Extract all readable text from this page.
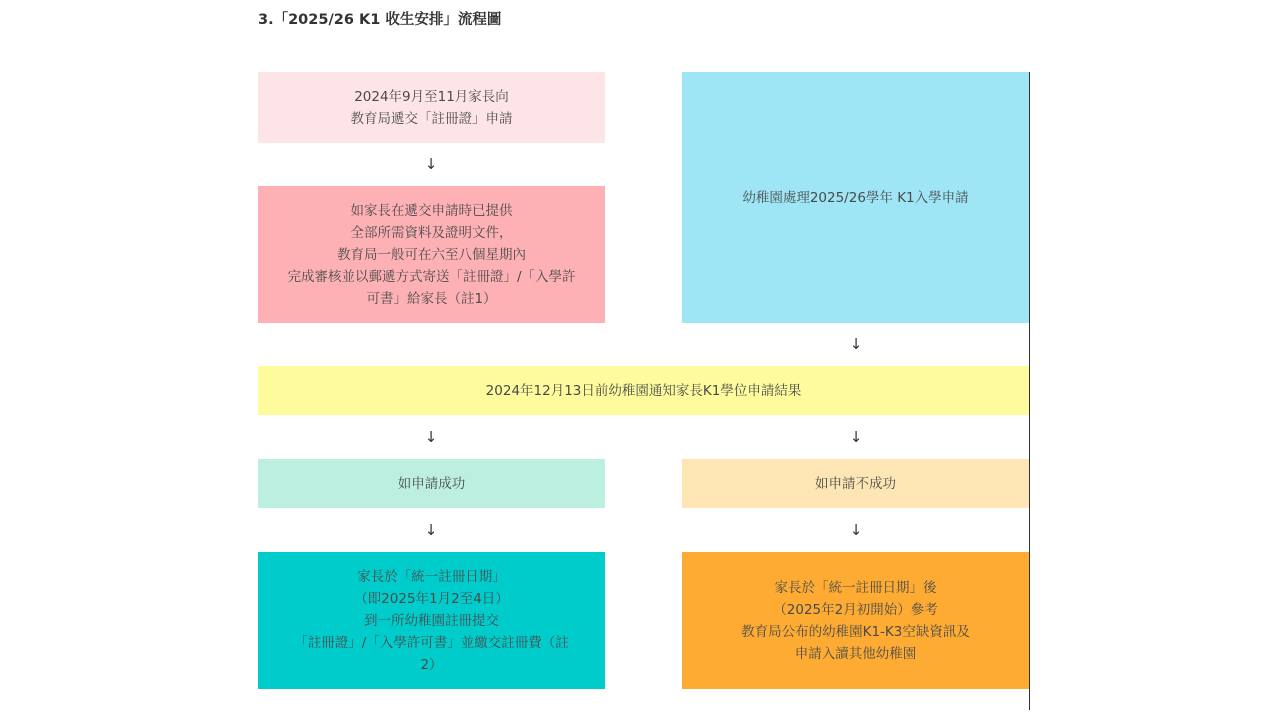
3.「2025/26 K1 收生安排」流程圖
2024年9月至11月家長向
教育局遞交「註冊證」申請
↓
如家長在遞交申請時已提供
全部所需資料及證明文件，
教育局一般可在六至八個星期內
完成審核並以郵遞方式寄送「註冊證」/「入學許
可書」給家長（註1）
幼稚園處理2025/26學年 K1入學申請
↓
2024年12月13日前幼稚園通知家長K1學位申請結果
↓	↓
如申請成功	如申請不成功
↓	↓
家長於「統一註冊日期」
（即2025年1月2至4日）
到一所幼稚園註冊提交
「註冊證」/「入學許可書」並繳交註冊費（註
2）
家長於「統一註冊日期」後
（2025年2月初開始）參考
教育局公布的幼稚園K1-K3空缺資訊及
申請入讀其他幼稚園
